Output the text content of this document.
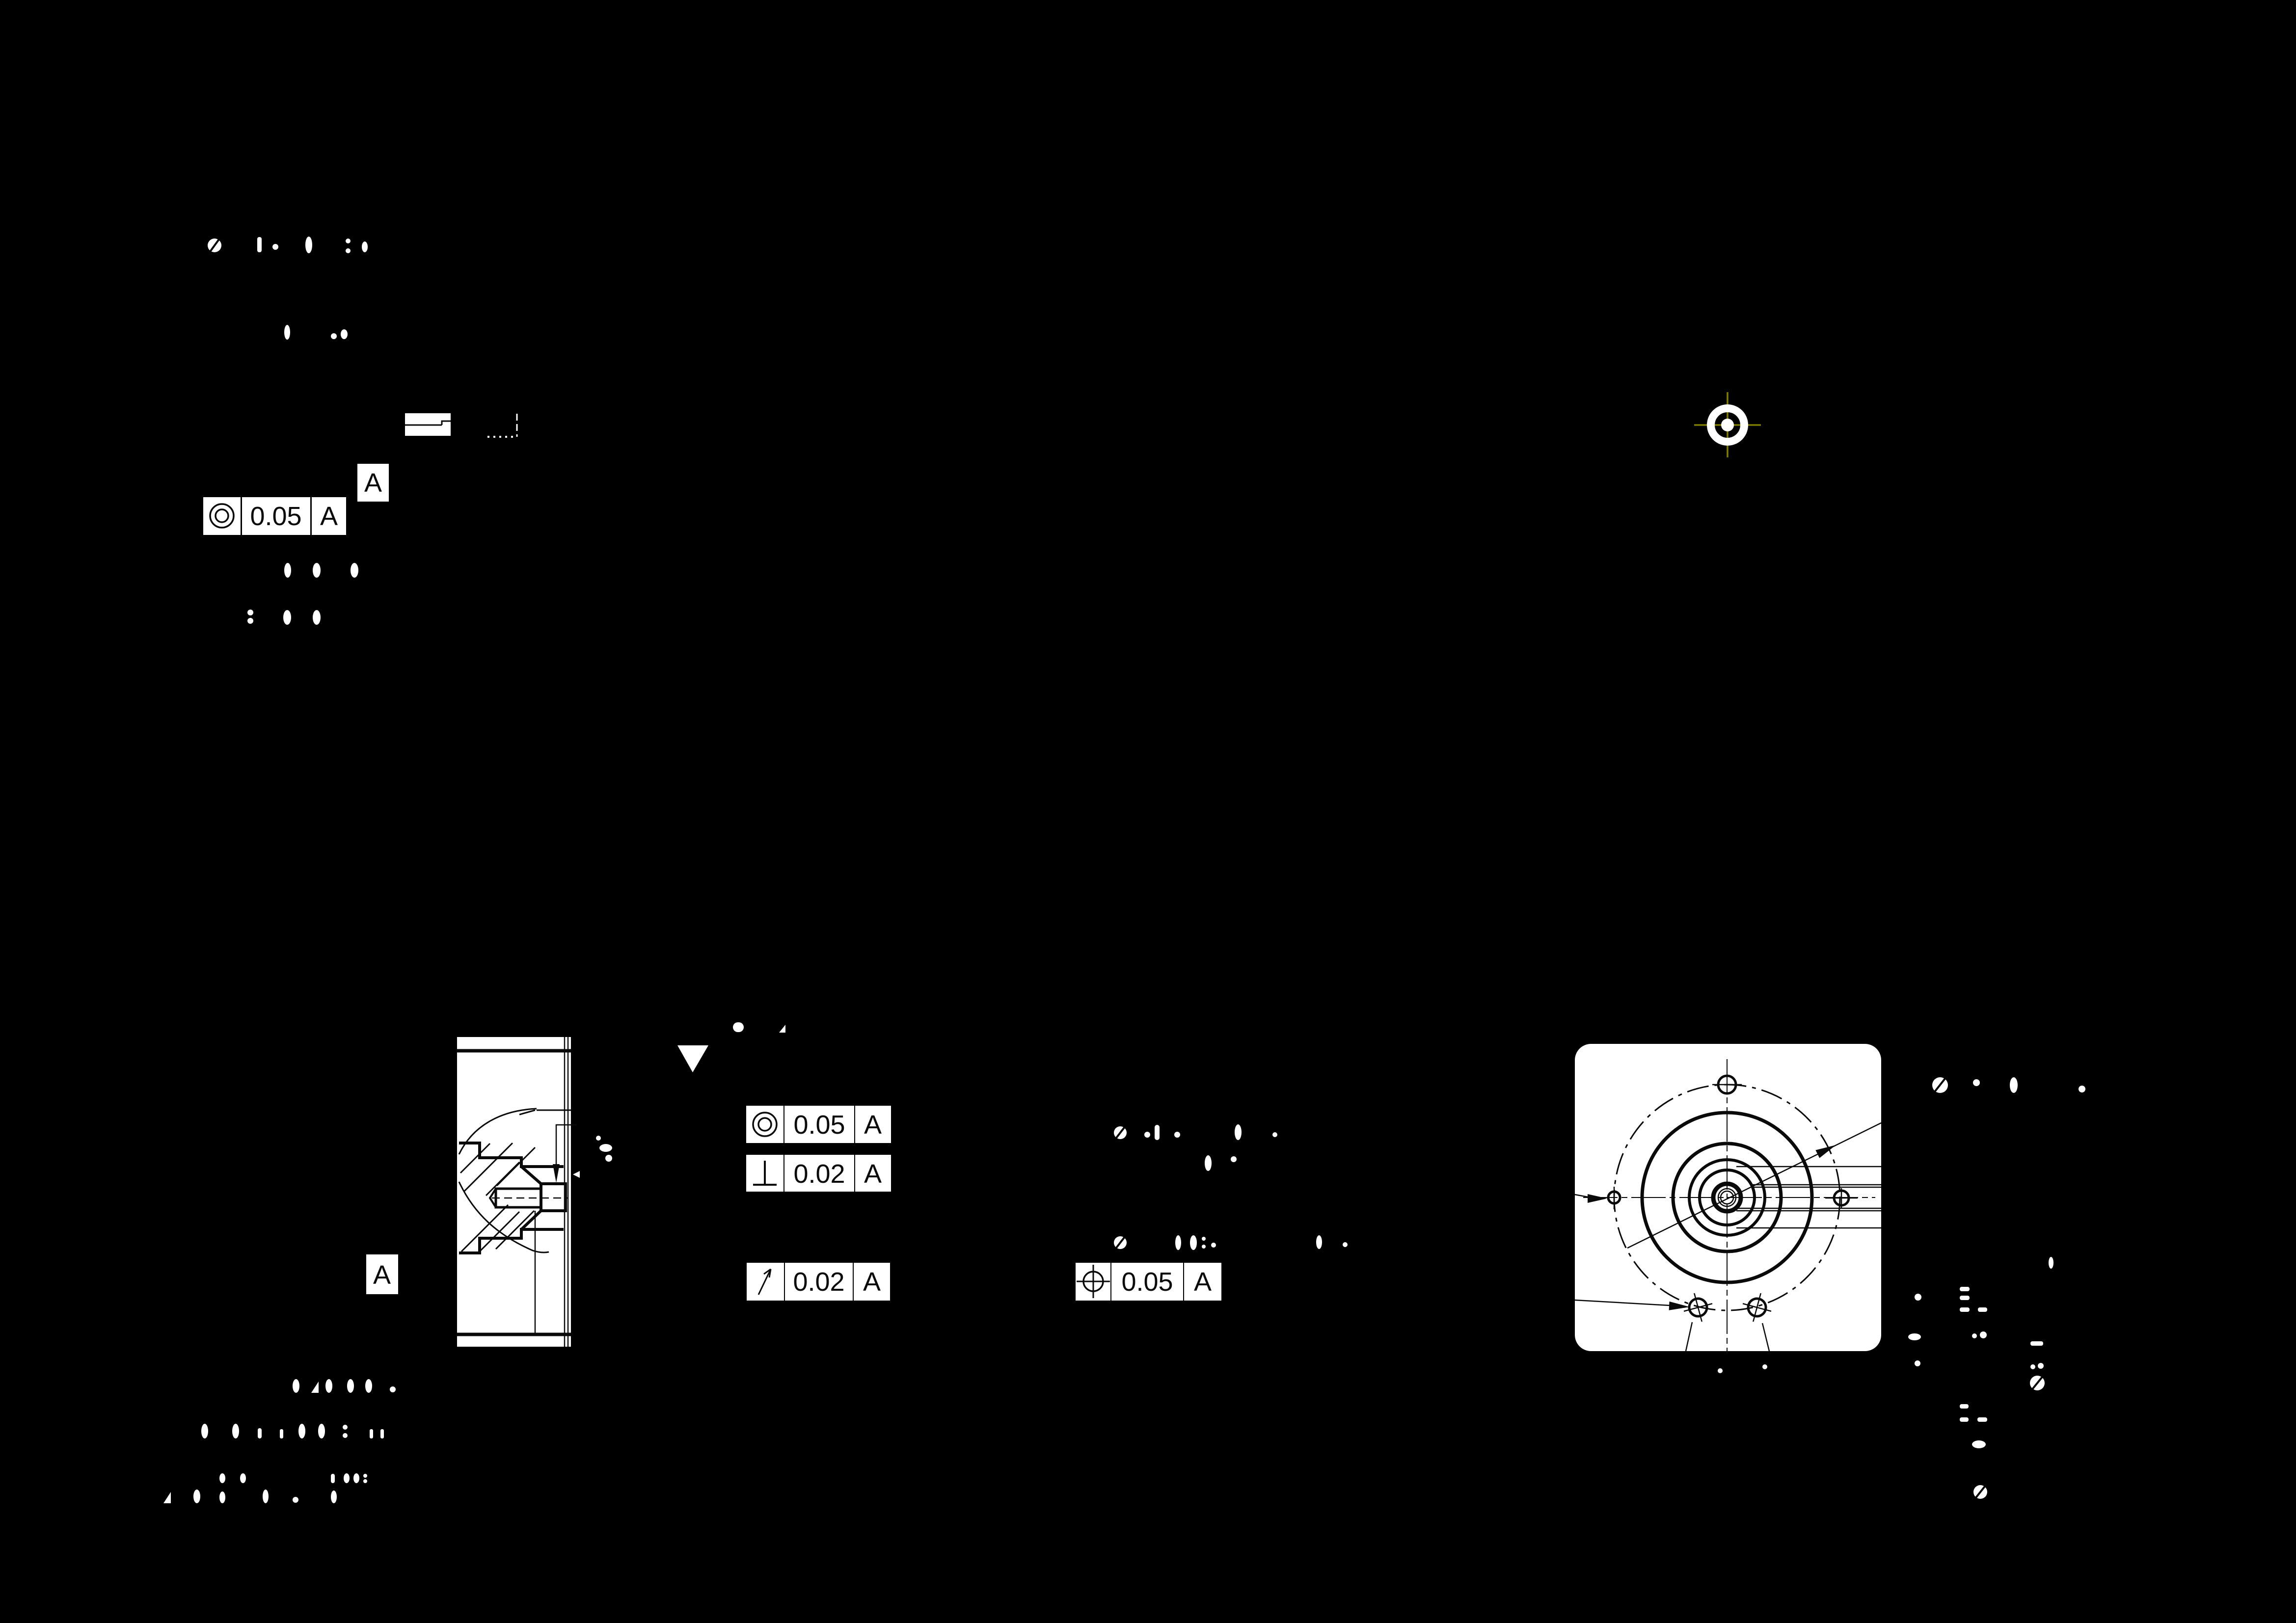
A
0.05 A
A
0.05 A
0.02 A
0.02 A	0.05 A
